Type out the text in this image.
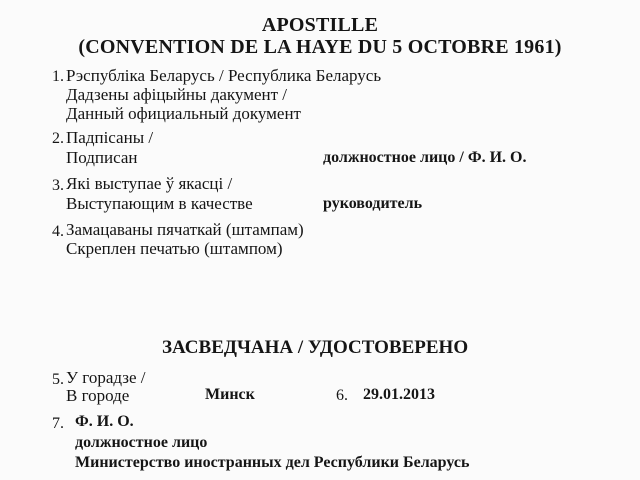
APOSTILLE
(CONVENTION DE LA HAYE DU 5 OCTOBRE 1961)
1. Рэспубліка Беларусь / Республика Беларусь
Дадзены афіцыйны дакумент /
Данный официальный документ
2. Падпісаны /
Подписан	должностное лицо / Ф. И. О.
3. Які выступае ў якасці /
Выступающим в качестве	руководитель
4. Замацаваны пячаткай (штампам)
Скреплен печатью (штампом)
ЗАСВЕДЧАНА / УДОСТОВЕРЕНО
5. У горадзе /
В городе	Минск	6. 29.01.2013
7. Ф. И. О.
должностное лицо
Министерство иностранных дел Республики Беларусь
